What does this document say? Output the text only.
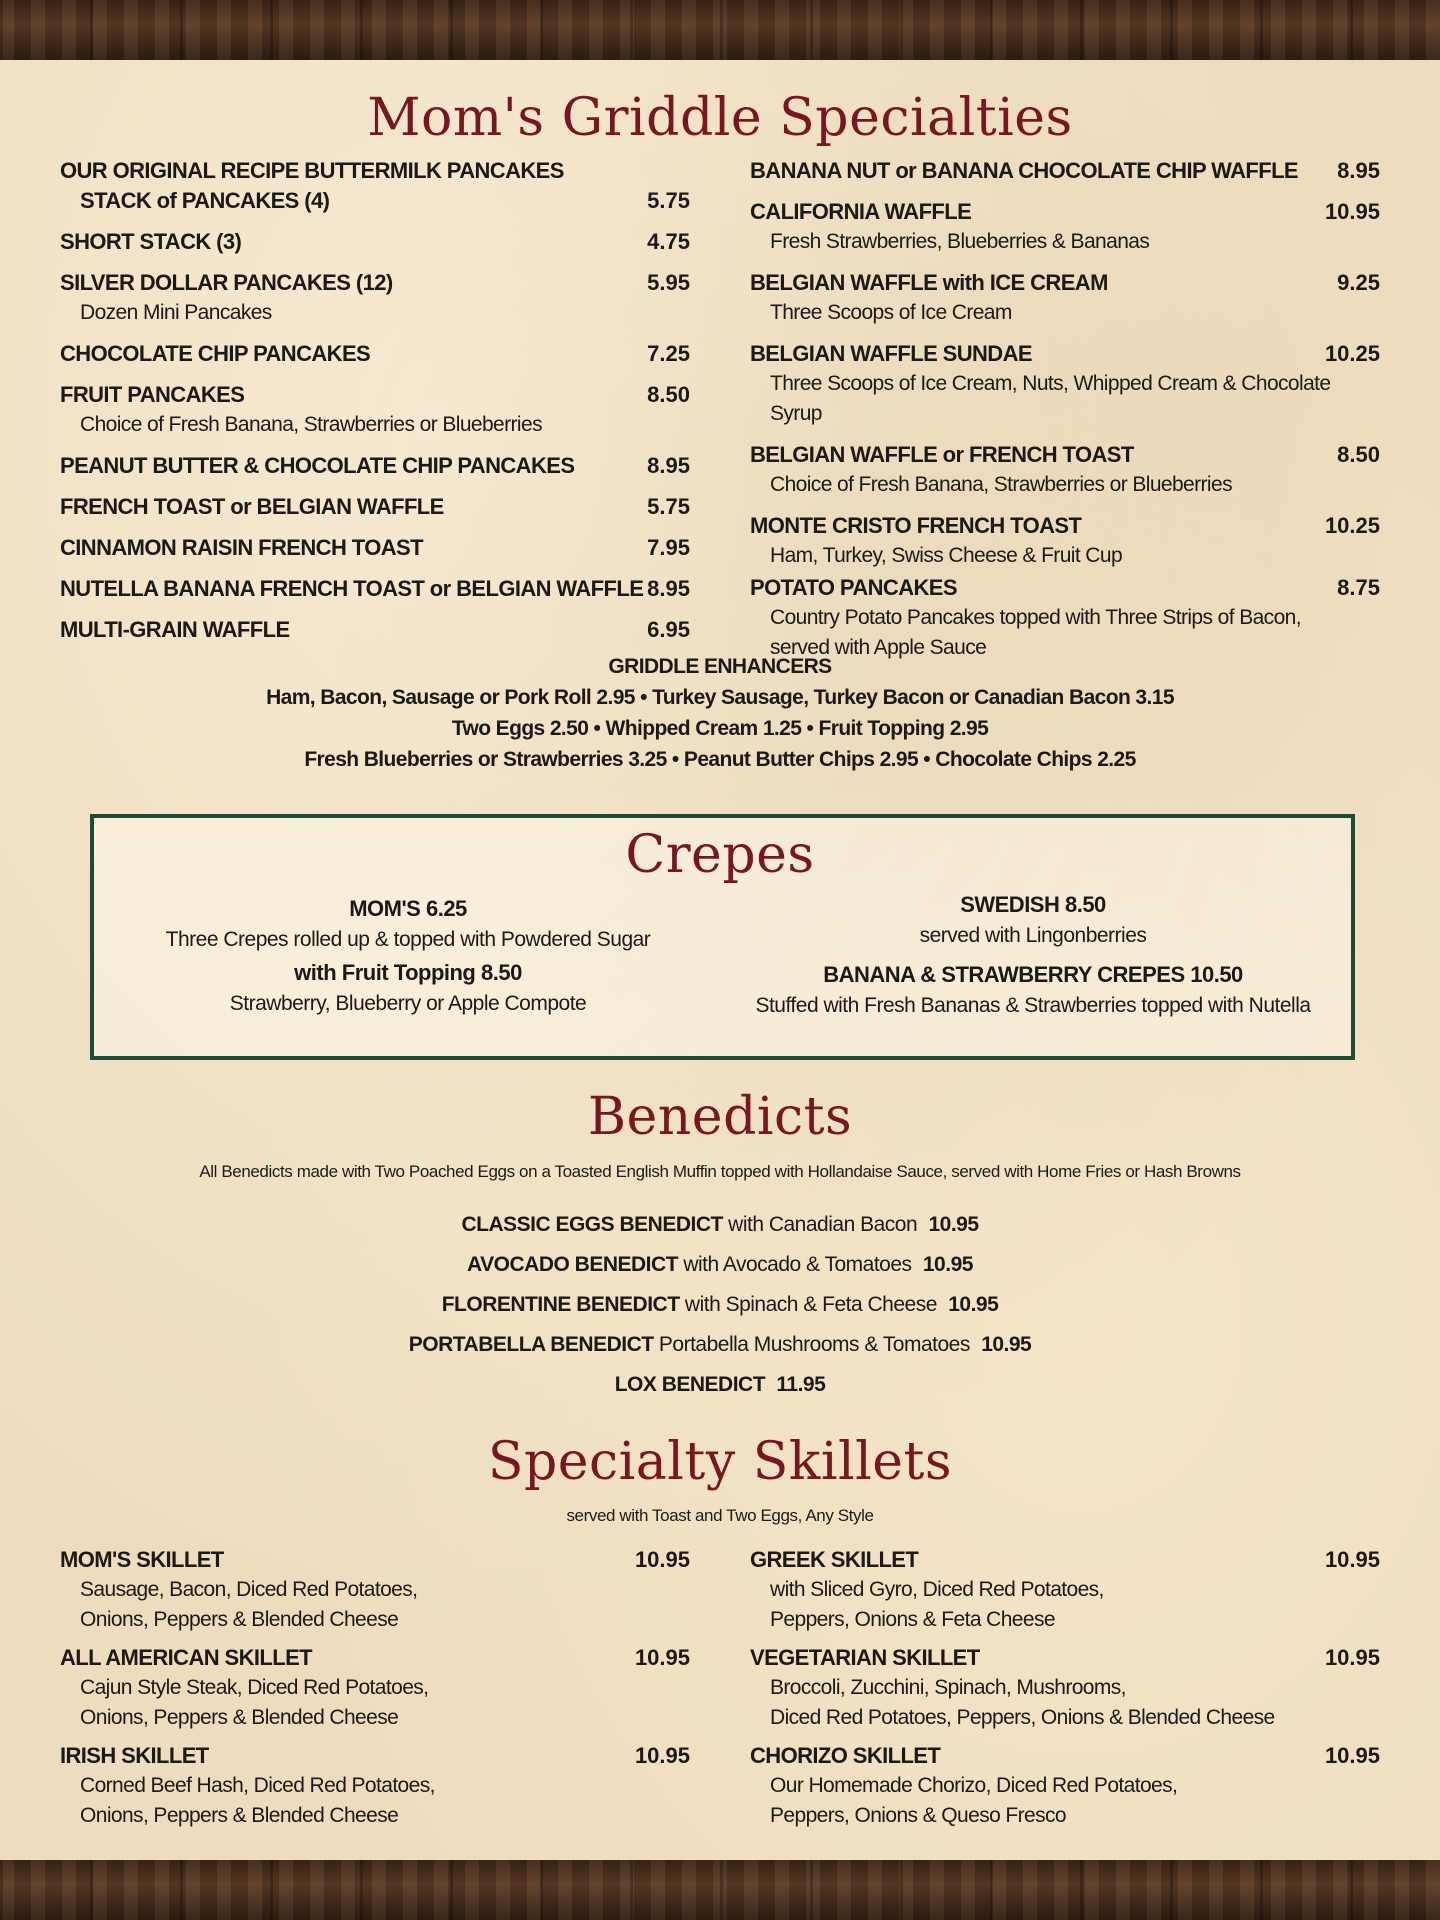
Mom's Griddle Specialties
OUR ORIGINAL RECIPE BUTTERMILK PANCAKES
STACK of PANCAKES (4)	5.75
SHORT STACK (3)	4.75
SILVER DOLLAR PANCAKES (12)	5.95
Dozen Mini Pancakes
CHOCOLATE CHIP PANCAKES	7.25
FRUIT PANCAKES	8.50
Choice of Fresh Banana, Strawberries or Blueberries
PEANUT BUTTER & CHOCOLATE CHIP PANCAKES	8.95
FRENCH TOAST or BELGIAN WAFFLE	5.75
CINNAMON RAISIN FRENCH TOAST	7.95
NUTELLA BANANA FRENCH TOAST or BELGIAN WAFFLE 8.95
MULTI-GRAIN WAFFLE	6.95
BANANA NUT or BANANA CHOCOLATE CHIP WAFFLE	8.95
CALIFORNIA WAFFLE	10.95
Fresh Strawberries, Blueberries & Bananas
BELGIAN WAFFLE with ICE CREAM	9.25
Three Scoops of Ice Cream
BELGIAN WAFFLE SUNDAE	10.25
Three Scoops of Ice Cream, Nuts, Whipped Cream & Chocolate Syrup
BELGIAN WAFFLE or FRENCH TOAST	8.50
Choice of Fresh Banana, Strawberries or Blueberries
MONTE CRISTO FRENCH TOAST	10.25
Ham, Turkey, Swiss Cheese & Fruit Cup
POTATO PANCAKES	8.75
Country Potato Pancakes topped with Three Strips of Bacon,
served with Apple Sauce
GRIDDLE ENHANCERS
Ham, Bacon, Sausage or Pork Roll 2.95 • Turkey Sausage, Turkey Bacon or Canadian Bacon 3.15
Two Eggs 2.50 • Whipped Cream 1.25 • Fruit Topping 2.95
Fresh Blueberries or Strawberries 3.25 • Peanut Butter Chips 2.95 • Chocolate Chips 2.25
Crepes
MOM'S 6.25
Three Crepes rolled up & topped with Powdered Sugar
with Fruit Topping 8.50
Strawberry, Blueberry or Apple Compote
SWEDISH 8.50
served with Lingonberries
BANANA & STRAWBERRY CREPES 10.50
Stuffed with Fresh Bananas & Strawberries topped with Nutella
Benedicts
All Benedicts made with Two Poached Eggs on a Toasted English Muffin topped with Hollandaise Sauce, served with Home Fries or Hash Browns
CLASSIC EGGS BENEDICT with Canadian Bacon 10.95
AVOCADO BENEDICT with Avocado & Tomatoes 10.95
FLORENTINE BENEDICT with Spinach & Feta Cheese 10.95
PORTABELLA BENEDICT Portabella Mushrooms & Tomatoes 10.95
LOX BENEDICT 11.95
Specialty Skillets
served with Toast and Two Eggs, Any Style
MOM'S SKILLET	10.95
Sausage, Bacon, Diced Red Potatoes,
Onions, Peppers & Blended Cheese
ALL AMERICAN SKILLET	10.95
Cajun Style Steak, Diced Red Potatoes,
Onions, Peppers & Blended Cheese
IRISH SKILLET	10.95
Corned Beef Hash, Diced Red Potatoes,
Onions, Peppers & Blended Cheese
GREEK SKILLET	10.95
with Sliced Gyro, Diced Red Potatoes,
Peppers, Onions & Feta Cheese
VEGETARIAN SKILLET	10.95
Broccoli, Zucchini, Spinach, Mushrooms,
Diced Red Potatoes, Peppers, Onions & Blended Cheese
CHORIZO SKILLET	10.95
Our Homemade Chorizo, Diced Red Potatoes,
Peppers, Onions & Queso Fresco
